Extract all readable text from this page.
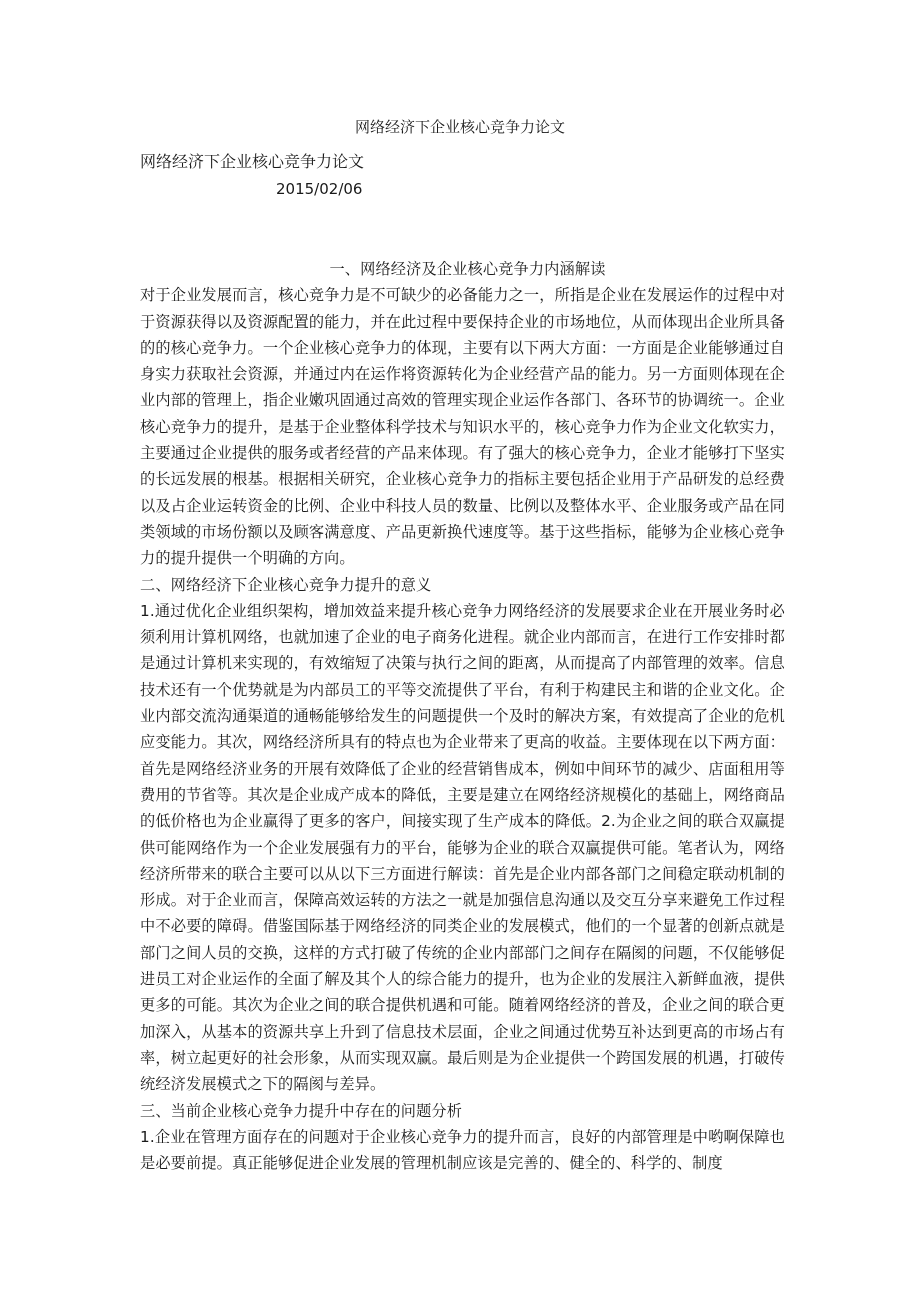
网络经济下企业核心竞争力论文

网络经济下企业核心竞争力论文

2015/02/06

一、网络经济及企业核心竞争力内涵解读

对于企业发展而言，核心竞争力是不可缺少的必备能力之一，所指是企业在发展运作的过程中对于资源获得以及资源配置的能力，并在此过程中要保持企业的市场地位，从而体现出企业所具备的的核心竞争力。一个企业核心竞争力的体现，主要有以下两大方面：一方面是企业能够通过自身实力获取社会资源，并通过内在运作将资源转化为企业经营产品的能力。另一方面则体现在企业内部的管理上，指企业嫩巩固通过高效的管理实现企业运作各部门、各环节的协调统一。企业核心竞争力的提升，是基于企业整体科学技术与知识水平的，核心竞争力作为企业文化软实力，主要通过企业提供的服务或者经营的产品来体现。有了强大的核心竞争力，企业才能够打下坚实的长远发展的根基。根据相关研究，企业核心竞争力的指标主要包括企业用于产品研发的总经费以及占企业运转资金的比例、企业中科技人员的数量、比例以及整体水平、企业服务或产品在同类领域的市场份额以及顾客满意度、产品更新换代速度等。基于这些指标，能够为企业核心竞争力的提升提供一个明确的方向。

二、网络经济下企业核心竞争力提升的意义

1.通过优化企业组织架构，增加效益来提升核心竞争力网络经济的发展要求企业在开展业务时必须利用计算机网络，也就加速了企业的电子商务化进程。就企业内部而言，在进行工作安排时都是通过计算机来实现的，有效缩短了决策与执行之间的距离，从而提高了内部管理的效率。信息技术还有一个优势就是为内部员工的平等交流提供了平台，有利于构建民主和谐的企业文化。企业内部交流沟通渠道的通畅能够给发生的问题提供一个及时的解决方案，有效提高了企业的危机应变能力。其次，网络经济所具有的特点也为企业带来了更高的收益。主要体现在以下两方面：首先是网络经济业务的开展有效降低了企业的经营销售成本，例如中间环节的减少、店面租用等费用的节省等。其次是企业成产成本的降低，主要是建立在网络经济规模化的基础上，网络商品的低价格也为企业赢得了更多的客户，间接实现了生产成本的降低。2.为企业之间的联合双赢提供可能网络作为一个企业发展强有力的平台，能够为企业的联合双赢提供可能。笔者认为，网络经济所带来的联合主要可以从以下三方面进行解读：首先是企业内部各部门之间稳定联动机制的形成。对于企业而言，保障高效运转的方法之一就是加强信息沟通以及交互分享来避免工作过程中不必要的障碍。借鉴国际基于网络经济的同类企业的发展模式，他们的一个显著的创新点就是部门之间人员的交换，这样的方式打破了传统的企业内部部门之间存在隔阂的问题，不仅能够促进员工对企业运作的全面了解及其个人的综合能力的提升，也为企业的发展注入新鲜血液，提供更多的可能。其次为企业之间的联合提供机遇和可能。随着网络经济的普及，企业之间的联合更加深入，从基本的资源共享上升到了信息技术层面，企业之间通过优势互补达到更高的市场占有率，树立起更好的社会形象，从而实现双赢。最后则是为企业提供一个跨国发展的机遇，打破传统经济发展模式之下的隔阂与差异。

三、当前企业核心竞争力提升中存在的问题分析

1.企业在管理方面存在的问题对于企业核心竞争力的提升而言，良好的内部管理是中哟啊保障也是必要前提。真正能够促进企业发展的管理机制应该是完善的、健全的、科学的、制度
